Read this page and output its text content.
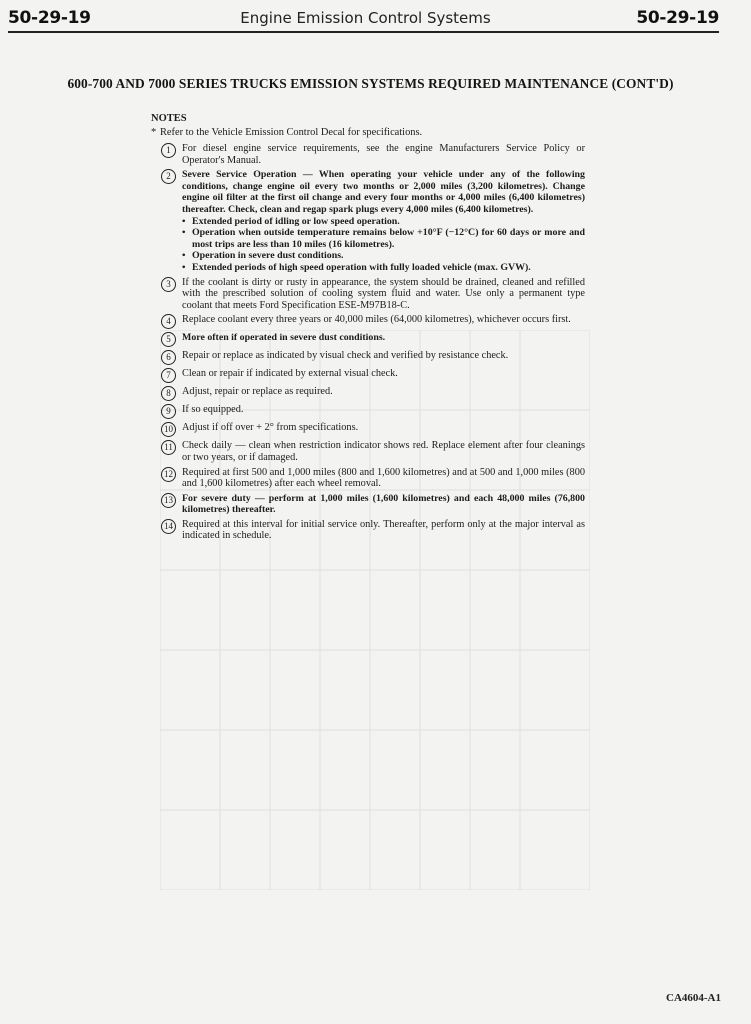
50-29-19	Engine Emission Control Systems	50-29-19
600-700 AND 7000 SERIES TRUCKS EMISSION SYSTEMS REQUIRED MAINTENANCE (CONT'D)
NOTES
* Refer to the Vehicle Emission Control Decal for specifications.
1	For diesel engine service requirements, see the engine Manufacturers Service Policy or Operator's Manual.
2	Severe Service Operation — When operating your vehicle under any of the following conditions, change engine oil every two months or 2,000 miles (3,200 kilometres). Change engine oil filter at the first oil change and every four months or 4,000 miles (6,400 kilometres) thereafter. Check, clean and regap spark plugs every 4,000 miles (6,400 kilometres).
• Extended period of idling or low speed operation.
• Operation when outside temperature remains below +10°F (−12°C) for 60 days or more and most trips are less than 10 miles (16 kilometres).
• Operation in severe dust conditions.
• Extended periods of high speed operation with fully loaded vehicle (max. GVW).
3	If the coolant is dirty or rusty in appearance, the system should be drained, cleaned and refilled with the prescribed solution of cooling system fluid and water. Use only a permanent type coolant that meets Ford Specification ESE-M97B18-C.
4	Replace coolant every three years or 40,000 miles (64,000 kilometres), whichever occurs first.
5	More often if operated in severe dust conditions.
6	Repair or replace as indicated by visual check and verified by resistance check.
7	Clean or repair if indicated by external visual check.
8	Adjust, repair or replace as required.
9	If so equipped.
10 Adjust if off over + 2° from specifications.
11 Check daily — clean when restriction indicator shows red. Replace element after four cleanings or two years, or if damaged.
12 Required at first 500 and 1,000 miles (800 and 1,600 kilometres) and at 500 and 1,000 miles (800 and 1,600 kilometres) after each wheel removal.
13 For severe duty — perform at 1,000 miles (1,600 kilometres) and each 48,000 miles (76,800 kilometres) thereafter.
14 Required at this interval for initial service only. Thereafter, perform only at the major interval as indicated in schedule.
CA4604-A1
